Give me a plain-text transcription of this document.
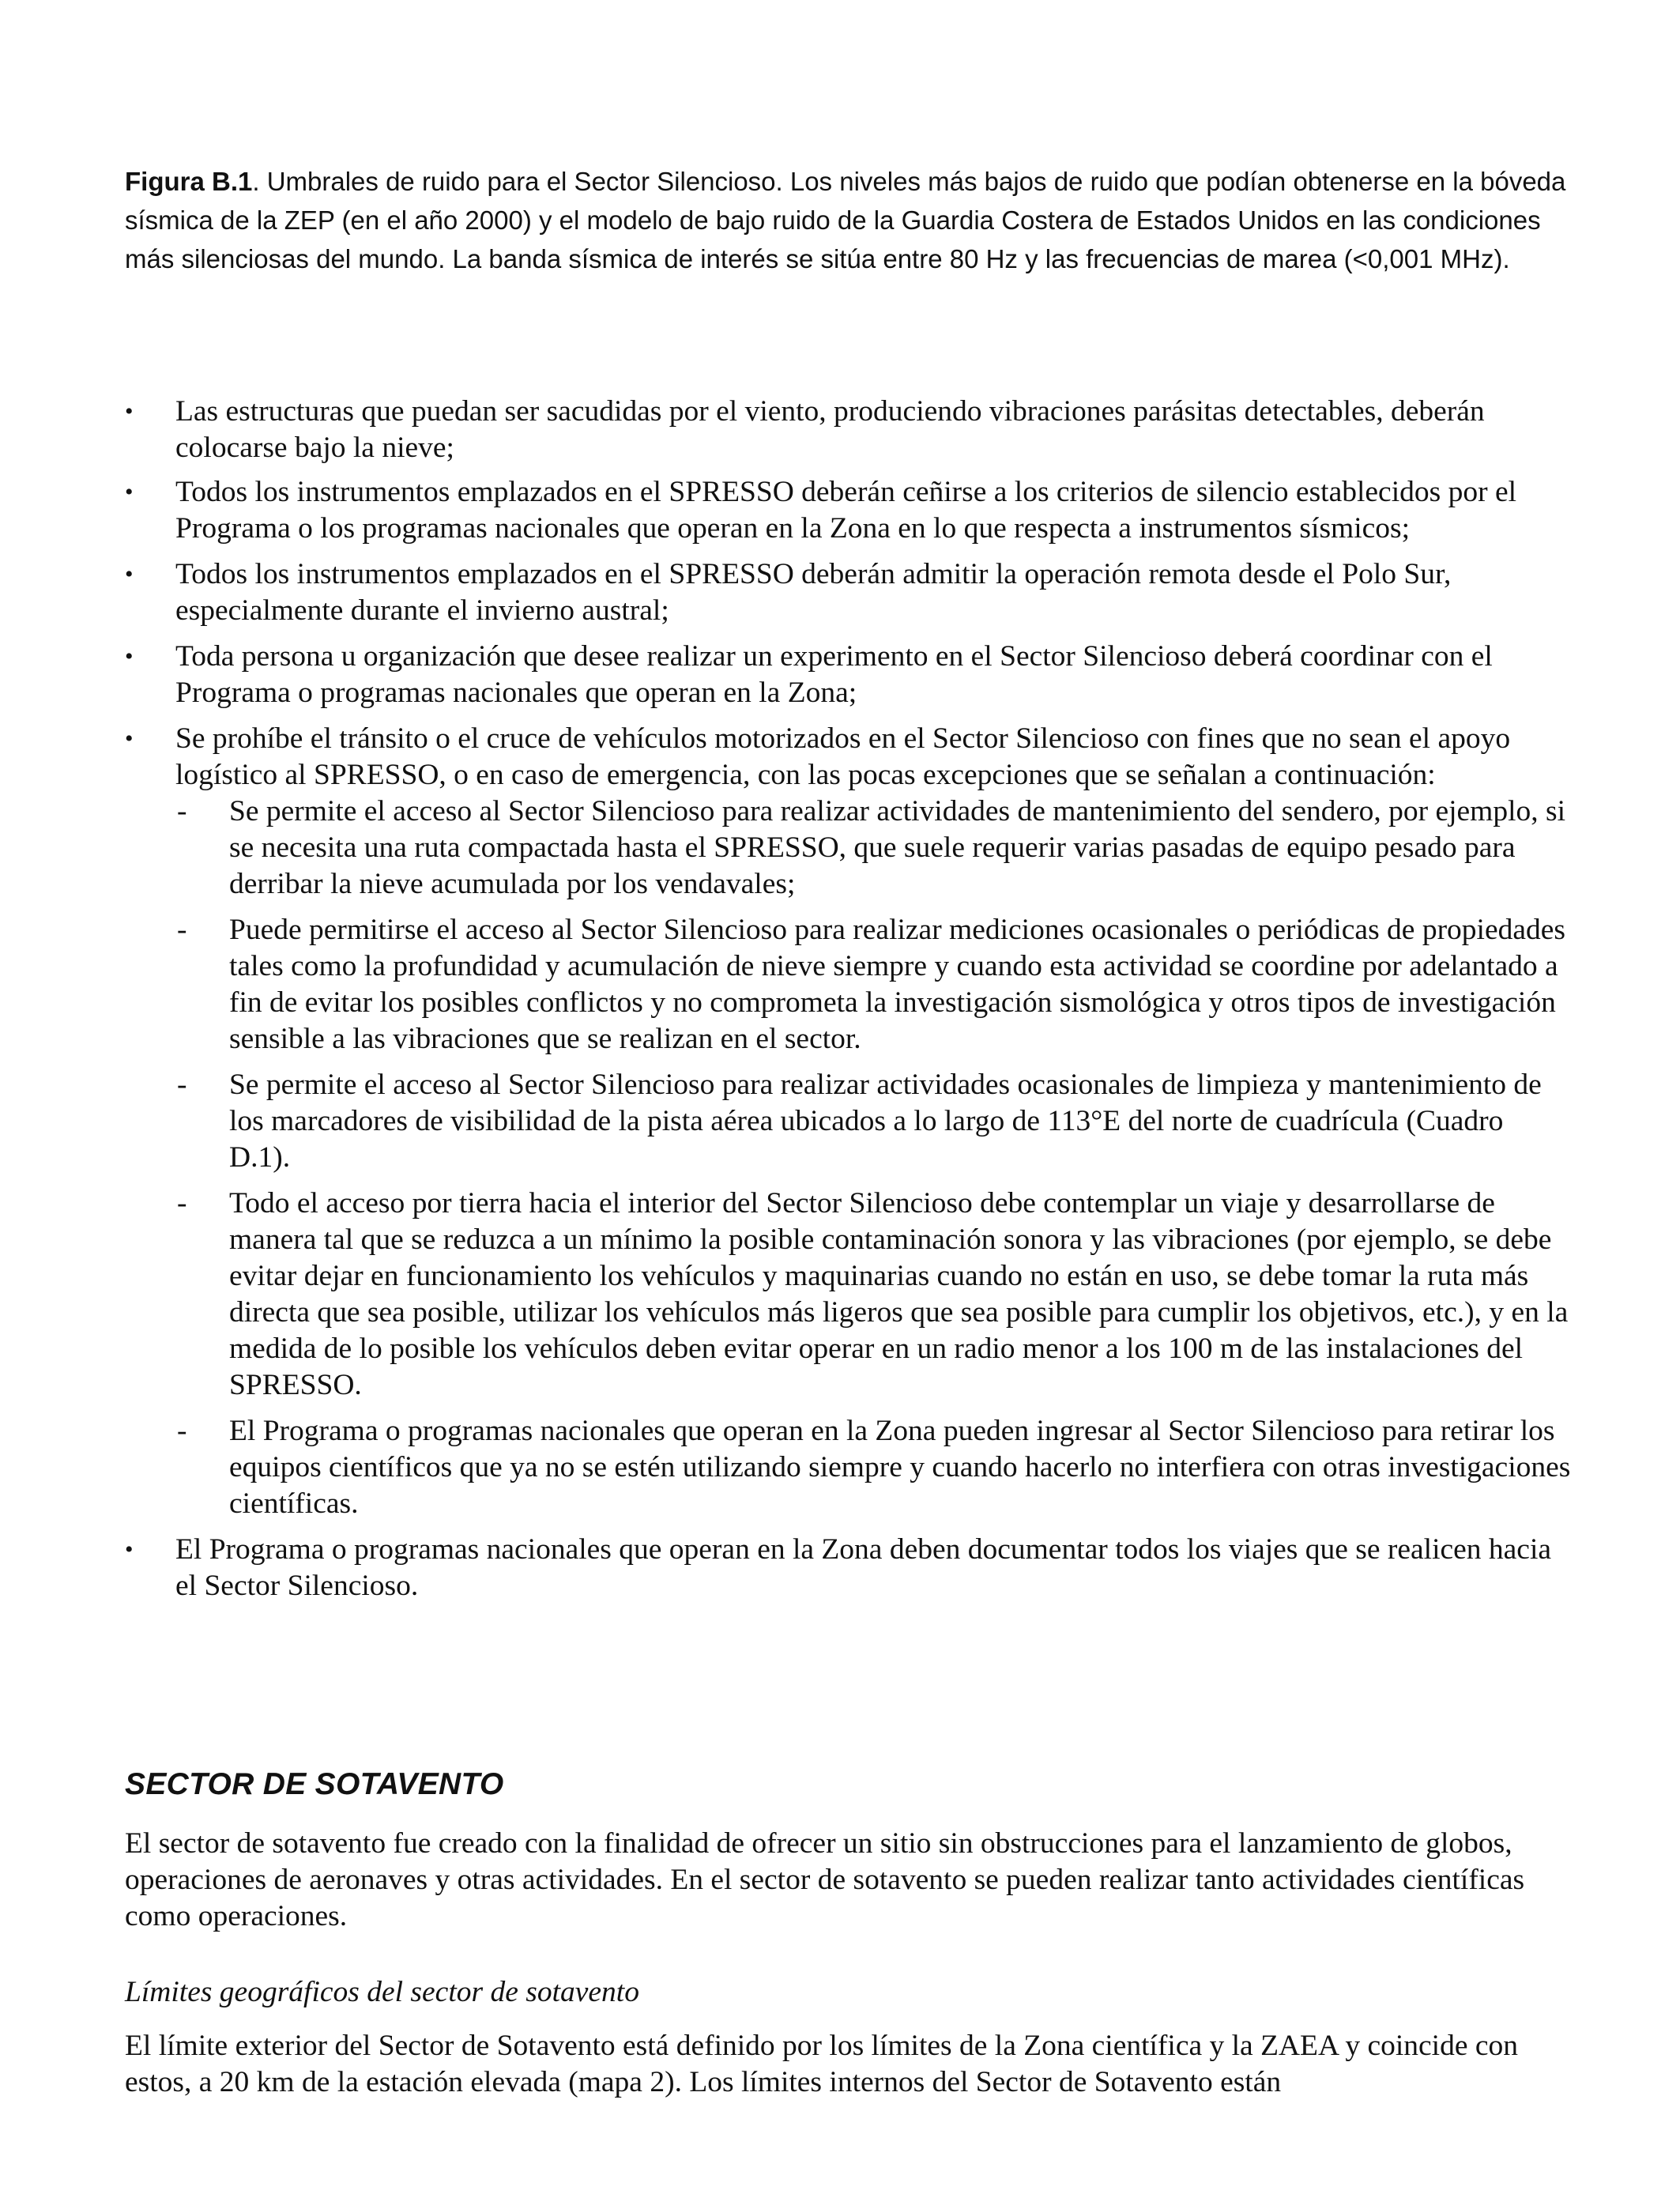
Figura B.1. Umbrales de ruido para el Sector Silencioso. Los niveles más bajos de ruido que podían obtenerse en la bóveda sísmica de la ZEP (en el año 2000) y el modelo de bajo ruido de la Guardia Costera de Estados Unidos en las condiciones más silenciosas del mundo. La banda sísmica de interés se sitúa entre 80 Hz y las frecuencias de marea (<0,001 MHz).

• Las estructuras que puedan ser sacudidas por el viento, produciendo vibraciones parásitas detectables, deberán colocarse bajo la nieve;
• Todos los instrumentos emplazados en el SPRESSO deberán ceñirse a los criterios de silencio establecidos por el Programa o los programas nacionales que operan en la Zona en lo que respecta a instrumentos sísmicos;
• Todos los instrumentos emplazados en el SPRESSO deberán admitir la operación remota desde el Polo Sur, especialmente durante el invierno austral;
• Toda persona u organización que desee realizar un experimento en el Sector Silencioso deberá coordinar con el Programa o programas nacionales que operan en la Zona;
• Se prohíbe el tránsito o el cruce de vehículos motorizados en el Sector Silencioso con fines que no sean el apoyo logístico al SPRESSO, o en caso de emergencia, con las pocas excepciones que se señalan a continuación:
- Se permite el acceso al Sector Silencioso para realizar actividades de mantenimiento del sendero, por ejemplo, si se necesita una ruta compactada hasta el SPRESSO, que suele requerir varias pasadas de equipo pesado para derribar la nieve acumulada por los vendavales;
- Puede permitirse el acceso al Sector Silencioso para realizar mediciones ocasionales o periódicas de propiedades tales como la profundidad y acumulación de nieve siempre y cuando esta actividad se coordine por adelantado a fin de evitar los posibles conflictos y no comprometa la investigación sismológica y otros tipos de investigación sensible a las vibraciones que se realizan en el sector.
- Se permite el acceso al Sector Silencioso para realizar actividades ocasionales de limpieza y mantenimiento de los marcadores de visibilidad de la pista aérea ubicados a lo largo de 113°E del norte de cuadrícula (Cuadro D.1).
- Todo el acceso por tierra hacia el interior del Sector Silencioso debe contemplar un viaje y desarrollarse de manera tal que se reduzca a un mínimo la posible contaminación sonora y las vibraciones (por ejemplo, se debe evitar dejar en funcionamiento los vehículos y maquinarias cuando no están en uso, se debe tomar la ruta más directa que sea posible, utilizar los vehículos más ligeros que sea posible para cumplir los objetivos, etc.), y en la medida de lo posible los vehículos deben evitar operar en un radio menor a los 100 m de las instalaciones del SPRESSO.
- El Programa o programas nacionales que operan en la Zona pueden ingresar al Sector Silencioso para retirar los equipos científicos que ya no se estén utilizando siempre y cuando hacerlo no interfiera con otras investigaciones científicas.
• El Programa o programas nacionales que operan en la Zona deben documentar todos los viajes que se realicen hacia el Sector Silencioso.
SECTOR DE SOTAVENTO

El sector de sotavento fue creado con la finalidad de ofrecer un sitio sin obstrucciones para el lanzamiento de globos, operaciones de aeronaves y otras actividades. En el sector de sotavento se pueden realizar tanto actividades científicas como operaciones.

Límites geográficos del sector de sotavento

El límite exterior del Sector de Sotavento está definido por los límites de la Zona científica y la ZAEA y coincide con estos, a 20 km de la estación elevada (mapa 2). Los límites internos del Sector de Sotavento están
